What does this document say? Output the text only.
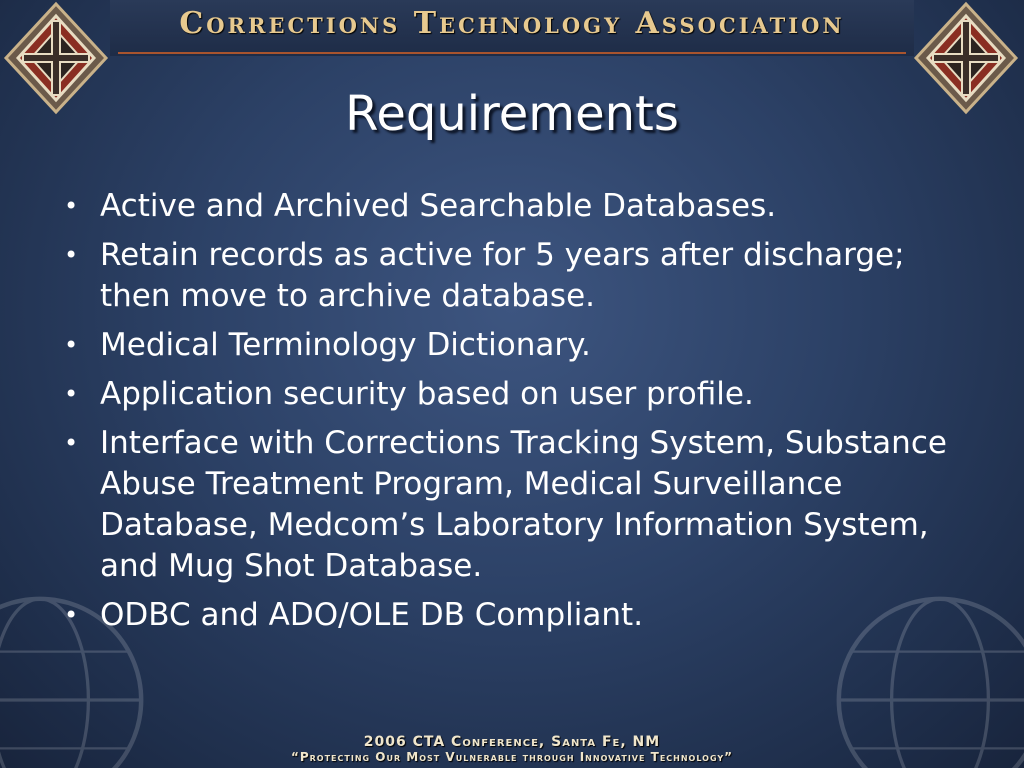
Corrections Technology Association
Requirements
• Active and Archived Searchable Databases.
• Retain records as active for 5 years after discharge; then move to archive database.
• Medical Terminology Dictionary.
• Application security based on user profile.
• Interface with Corrections Tracking System, Substance Abuse Treatment Program, Medical Surveillance Database, Medcom’s Laboratory Information System, and Mug Shot Database.
• ODBC and ADO/OLE DB Compliant.
2006 CTA Conference, Santa Fe, NM
“Protecting Our Most Vulnerable through Innovative Technology”
